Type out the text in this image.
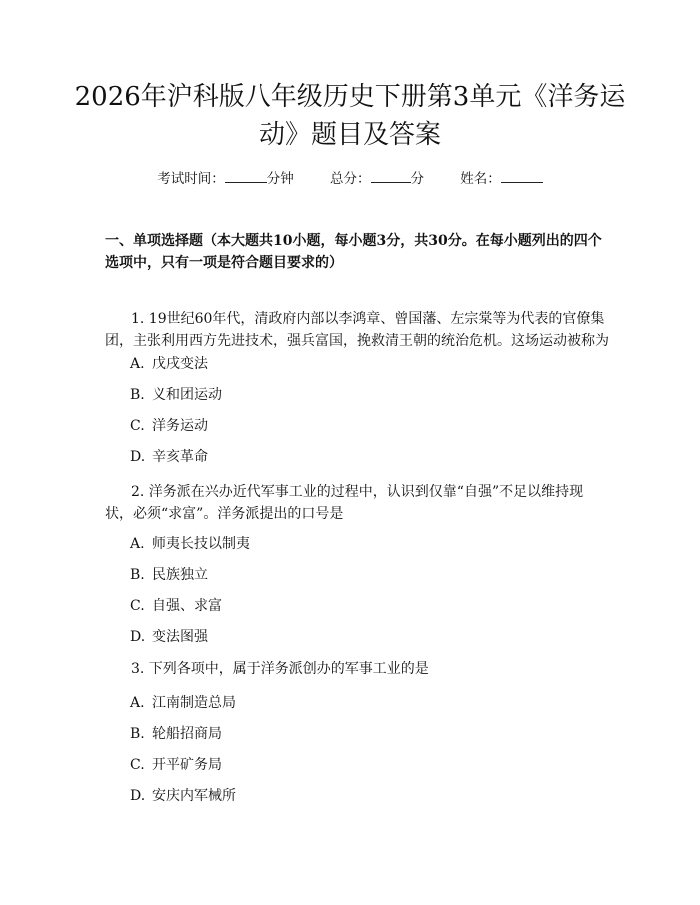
2026年沪科版八年级历史下册第3单元《洋务运动》题目及答案
考试时间：	分钟	总分：	分	姓名：

一、单项选择题（本大题共10小题，每小题3分，共30分。在每小题列出的四个选项中，只有一项是符合题目要求的）

1. 19世纪60年代，清政府内部以李鸿章、曾国藩、左宗棠等为代表的官僚集团，主张利用西方先进技术，强兵富国，挽救清王朝的统治危机。这场运动被称为

A. 戊戌变法

B. 义和团运动

C. 洋务运动

D. 辛亥革命

2. 洋务派在兴办近代军事工业的过程中，认识到仅靠“自强”不足以维持现状，必须“求富”。洋务派提出的口号是

A. 师夷长技以制夷

B. 民族独立

C. 自强、求富

D. 变法图强

3. 下列各项中，属于洋务派创办的军事工业的是

A. 江南制造总局

B. 轮船招商局

C. 开平矿务局

D. 安庆内军械所
